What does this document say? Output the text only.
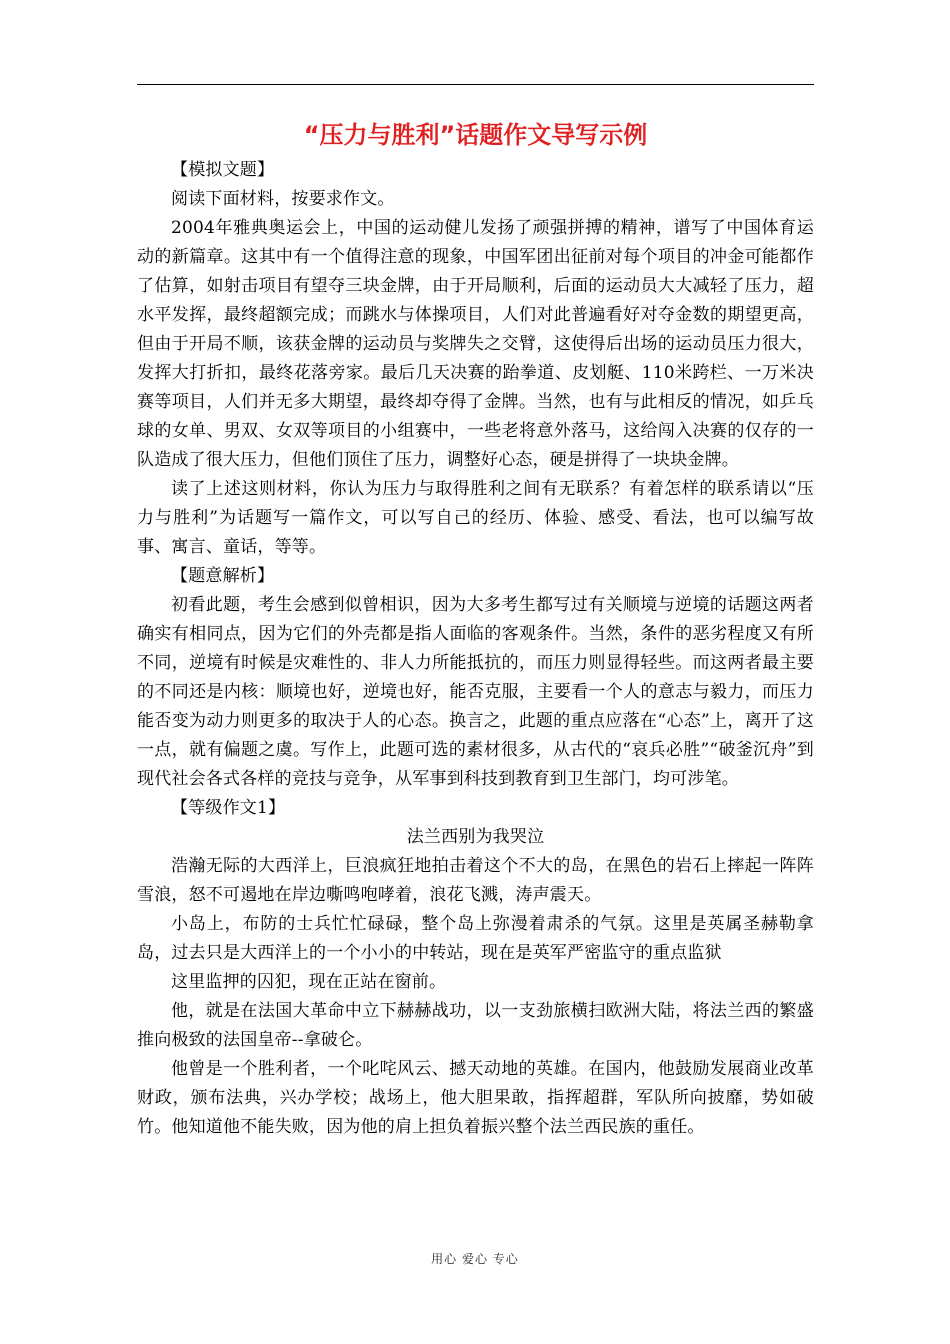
“压力与胜利”话题作文导写示例

【模拟文题】

阅读下面材料，按要求作文。

2004年雅典奥运会上，中国的运动健儿发扬了顽强拼搏的精神，谱写了中国体育运动的新篇章。这其中有一个值得注意的现象，中国军团出征前对每个项目的冲金可能都作了估算，如射击项目有望夺三块金牌，由于开局顺利，后面的运动员大大减轻了压力，超水平发挥，最终超额完成；而跳水与体操项目，人们对此普遍看好对夺金数的期望更高，但由于开局不顺，该获金牌的运动员与奖牌失之交臂，这使得后出场的运动员压力很大，发挥大打折扣，最终花落旁家。最后几天决赛的跆拳道、皮划艇、110米跨栏、一万米决赛等项目，人们并无多大期望，最终却夺得了金牌。当然，也有与此相反的情况，如乒乓球的女单、男双、女双等项目的小组赛中，一些老将意外落马，这给闯入决赛的仅存的一队造成了很大压力，但他们顶住了压力，调整好心态，硬是拼得了一块块金牌。

读了上述这则材料，你认为压力与取得胜利之间有无联系？有着怎样的联系请以“压力与胜利”为话题写一篇作文，可以写自己的经历、体验、感受、看法，也可以编写故事、寓言、童话，等等。

【题意解析】

初看此题，考生会感到似曾相识，因为大多考生都写过有关顺境与逆境的话题这两者确实有相同点，因为它们的外壳都是指人面临的客观条件。当然，条件的恶劣程度又有所不同，逆境有时候是灾难性的、非人力所能抵抗的，而压力则显得轻些。而这两者最主要的不同还是内核：顺境也好，逆境也好，能否克服，主要看一个人的意志与毅力，而压力能否变为动力则更多的取决于人的心态。换言之，此题的重点应落在“心态”上，离开了这一点，就有偏题之虞。写作上，此题可选的素材很多，从古代的“哀兵必胜”“破釜沉舟”到现代社会各式各样的竞技与竞争，从军事到科技到教育到卫生部门，均可涉笔。

【等级作文1】

法兰西别为我哭泣

浩瀚无际的大西洋上，巨浪疯狂地拍击着这个不大的岛，在黑色的岩石上摔起一阵阵雪浪，怒不可遏地在岸边嘶鸣咆哮着，浪花飞溅，涛声震天。

小岛上，布防的士兵忙忙碌碌，整个岛上弥漫着肃杀的气氛。这里是英属圣赫勒拿岛，过去只是大西洋上的一个小小的中转站，现在是英军严密监守的重点监狱

这里监押的囚犯，现在正站在窗前。

他，就是在法国大革命中立下赫赫战功，以一支劲旅横扫欧洲大陆，将法兰西的繁盛推向极致的法国皇帝--拿破仑。

他曾是一个胜利者，一个叱咤风云、撼天动地的英雄。在国内，他鼓励发展商业改革财政，颁布法典，兴办学校；战场上，他大胆果敢，指挥超群，军队所向披靡，势如破竹。他知道他不能失败，因为他的肩上担负着振兴整个法兰西民族的重任。

用心 爱心 专心
